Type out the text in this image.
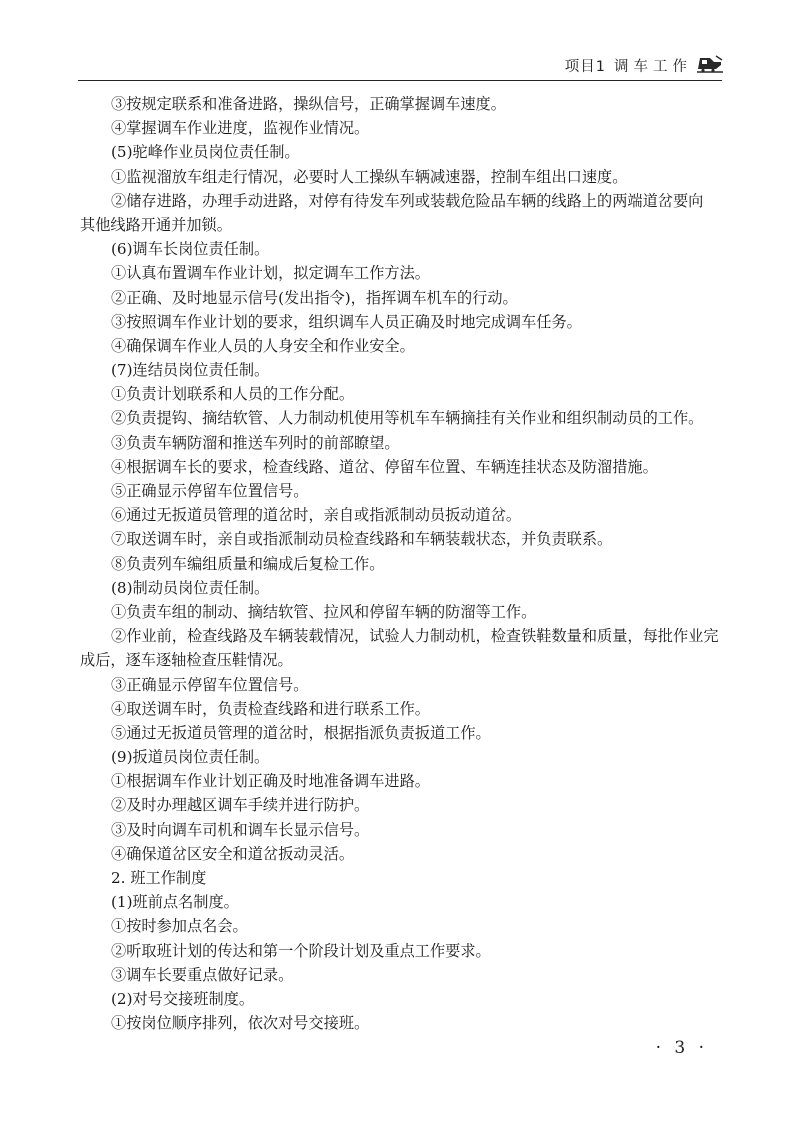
项目1 调车工作
③按规定联系和准备进路，操纵信号，正确掌握调车速度。
④掌握调车作业进度，监视作业情况。
(5)驼峰作业员岗位责任制。
①监视溜放车组走行情况，必要时人工操纵车辆减速器，控制车组出口速度。
②储存进路，办理手动进路，对停有待发车列或装载危险品车辆的线路上的两端道岔要向
其他线路开通并加锁。
(6)调车长岗位责任制。
①认真布置调车作业计划，拟定调车工作方法。
②正确、及时地显示信号(发出指令)，指挥调车机车的行动。
③按照调车作业计划的要求，组织调车人员正确及时地完成调车任务。
④确保调车作业人员的人身安全和作业安全。
(7)连结员岗位责任制。
①负责计划联系和人员的工作分配。
②负责提钩、摘结软管、人力制动机使用等机车车辆摘挂有关作业和组织制动员的工作。
③负责车辆防溜和推送车列时的前部瞭望。
④根据调车长的要求，检查线路、道岔、停留车位置、车辆连挂状态及防溜措施。
⑤正确显示停留车位置信号。
⑥通过无扳道员管理的道岔时，亲自或指派制动员扳动道岔。
⑦取送调车时，亲自或指派制动员检查线路和车辆装载状态，并负责联系。
⑧负责列车编组质量和编成后复检工作。
(8)制动员岗位责任制。
①负责车组的制动、摘结软管、拉风和停留车辆的防溜等工作。
②作业前，检查线路及车辆装载情况，试验人力制动机，检查铁鞋数量和质量，每批作业完
成后，逐车逐轴检查压鞋情况。
③正确显示停留车位置信号。
④取送调车时，负责检查线路和进行联系工作。
⑤通过无扳道员管理的道岔时，根据指派负责扳道工作。
(9)扳道员岗位责任制。
①根据调车作业计划正确及时地准备调车进路。
②及时办理越区调车手续并进行防护。
③及时向调车司机和调车长显示信号。
④确保道岔区安全和道岔扳动灵活。
2. 班工作制度
(1)班前点名制度。
①按时参加点名会。
②听取班计划的传达和第一个阶段计划及重点工作要求。
③调车长要重点做好记录。
(2)对号交接班制度。
①按岗位顺序排列，依次对号交接班。
· 3 ·
